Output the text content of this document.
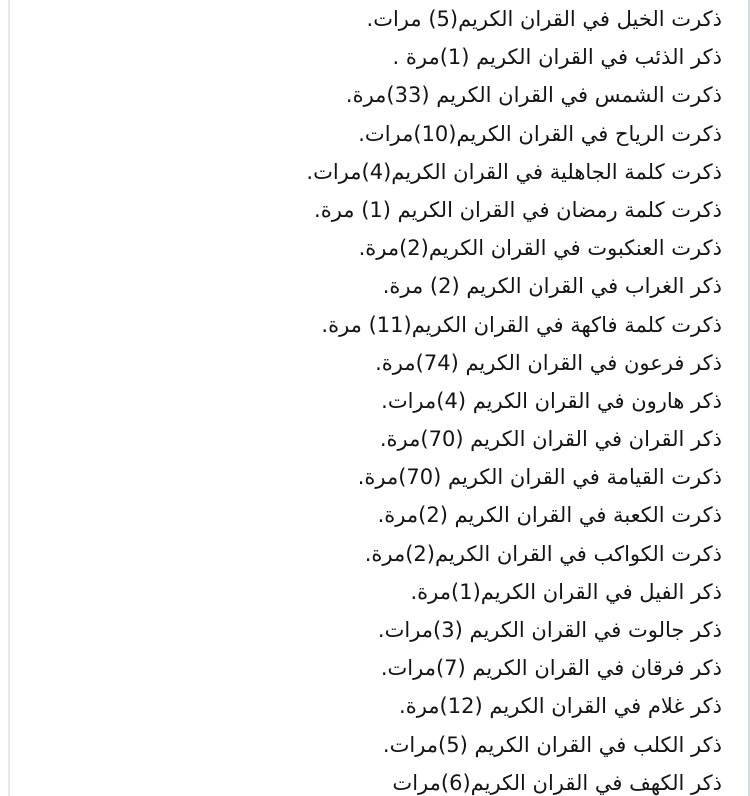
ذكرت الخيل في القران الكريم(5) مرات.
ذكر الذئب في القران الكريم (1)مرة .
ذكرت الشمس في القران الكريم (33)مرة.
ذكرت الرياح في القران الكريم(10)مرات.
ذكرت كلمة الجاهلية في القران الكريم(4)مرات.
ذكرت كلمة رمضان في القران الكريم (1) مرة.
ذكرت العنكبوت في القران الكريم(2)مرة.
ذكر الغراب في القران الكريم (2) مرة.
ذكرت كلمة فاكهة في القران الكريم(11) مرة.
ذكر فرعون في القران الكريم (74)مرة.
ذكر هارون في القران الكريم (4)مرات.
ذكر القران في القران الكريم (70)مرة.
ذكرت القيامة في القران الكريم (70)مرة.
ذكرت الكعبة في القران الكريم (2)مرة.
ذكرت الكواكب في القران الكريم(2)مرة.
ذكر الفيل في القران الكريم(1)مرة.
ذكر جالوت في القران الكريم (3)مرات.
ذكر فرقان في القران الكريم (7)مرات.
ذكر غلام في القران الكريم (12)مرة.
ذكر الكلب في القران الكريم (5)مرات.
ذكر الكهف في القران الكريم(6)مرات
